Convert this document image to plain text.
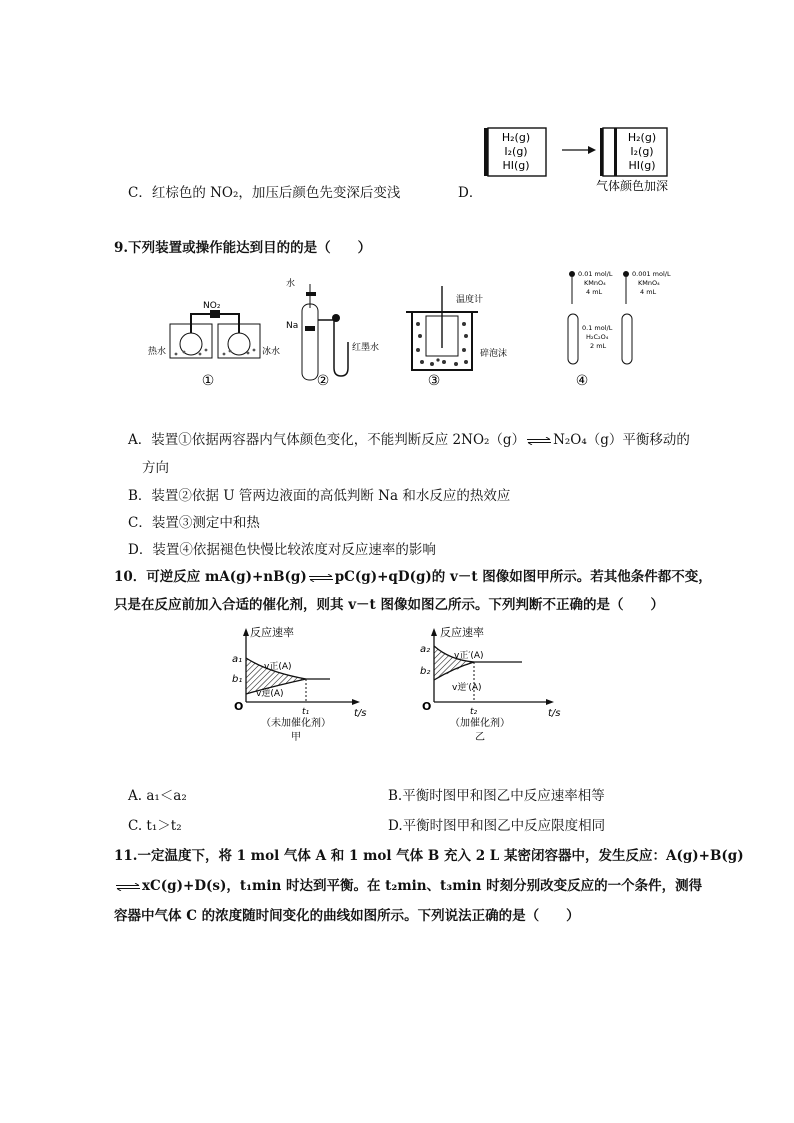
C．红棕色的 NO₂，加压后颜色先变深后变浅	D．
H₂(g)
I₂(g)
HI(g)
H₂(g)
I₂(g)
HI(g)
气体颜色加深
9.下列装置或操作能达到目的的是（　　）
NO₂
热水	冰水
水
Na
红墨水
温度计
碎泡沫
0.01 mol/L
KMnO₄
4 mL
0.001 mol/L
KMnO₄
4 mL
0.1 mol/L
H₂C₂O₄
2 mL
①	②	③	④
A．装置①依据两容器内气体颜色变化，不能判断反应 2NO₂（g）⇌N₂O₄（g）平衡移动的
方向
B．装置②依据 U 管两边液面的高低判断 Na 和水反应的热效应
C．装置③测定中和热
D．装置④依据褪色快慢比较浓度对反应速率的影响
10．可逆反应 mA(g)+nB(g)⇌pC(g)+qD(g)的 v－t 图像如图甲所示。若其他条件都不变，
只是在反应前加入合适的催化剂，则其 v－t 图像如图乙所示。下列判断不正确的是（　　）
反应速率
a₁
b₁
v正(A)
v逆(A)
O	t₁	t/s
（未加催化剂）
甲
反应速率
a₂
b₂
v正′(A)
v逆′(A)
O	t₂	t/s
（加催化剂）
乙
A. a₁＜a₂	B.平衡时图甲和图乙中反应速率相等
C. t₁＞t₂	D.平衡时图甲和图乙中反应限度相同
11.一定温度下，将 1 mol 气体 A 和 1 mol 气体 B 充入 2 L 某密闭容器中，发生反应：A(g)+B(g)
⇌xC(g)+D(s)，t₁min 时达到平衡。在 t₂min、t₃min 时刻分别改变反应的一个条件，测得
容器中气体 C 的浓度随时间变化的曲线如图所示。下列说法正确的是（　　）
